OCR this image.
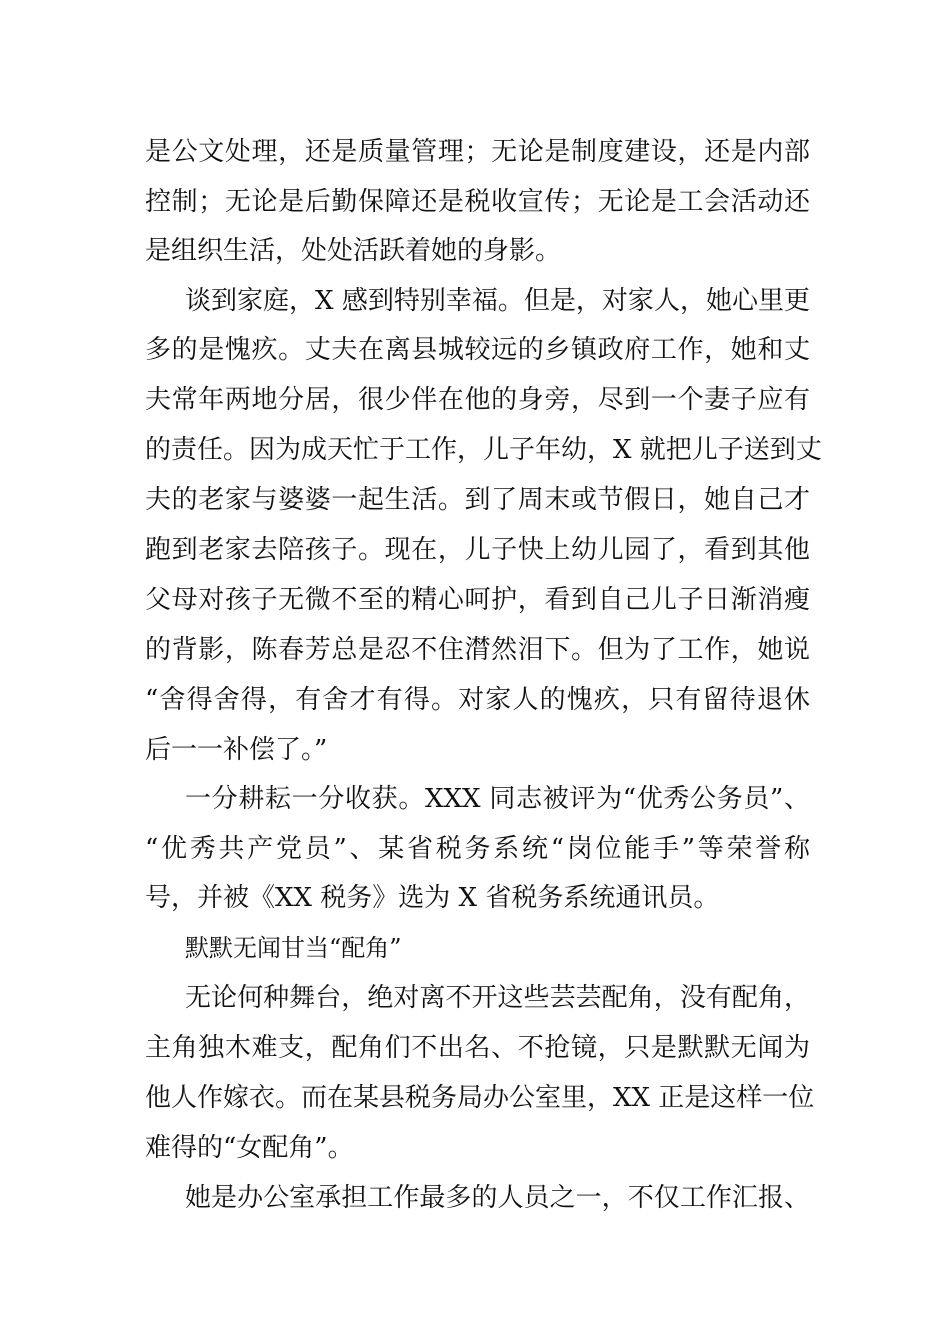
是公文处理，还是质量管理；无论是制度建设，还是内部
控制；无论是后勤保障还是税收宣传；无论是工会活动还
是组织生活，处处活跃着她的身影。
谈到家庭，X 感到特别幸福。但是，对家人，她心里更
多的是愧疚。丈夫在离县城较远的乡镇政府工作，她和丈
夫常年两地分居，很少伴在他的身旁，尽到一个妻子应有
的责任。因为成天忙于工作，儿子年幼，X 就把儿子送到丈
夫的老家与婆婆一起生活。到了周末或节假日，她自己才
跑到老家去陪孩子。现在，儿子快上幼儿园了，看到其他
父母对孩子无微不至的精心呵护，看到自己儿子日渐消瘦
的背影，陈春芳总是忍不住潸然泪下。但为了工作，她说
“舍得舍得，有舍才有得。对家人的愧疚，只有留待退休
后一一补偿了。”
一分耕耘一分收获。XXX 同志被评为“优秀公务员”、
“优秀共产党员”、某省税务系统“岗位能手”等荣誉称
号，并被《XX 税务》选为 X 省税务系统通讯员。
默默无闻甘当“配角”
无论何种舞台，绝对离不开这些芸芸配角，没有配角，
主角独木难支，配角们不出名、不抢镜，只是默默无闻为
他人作嫁衣。而在某县税务局办公室里，XX 正是这样一位
难得的“女配角”。
她是办公室承担工作最多的人员之一，不仅工作汇报、
